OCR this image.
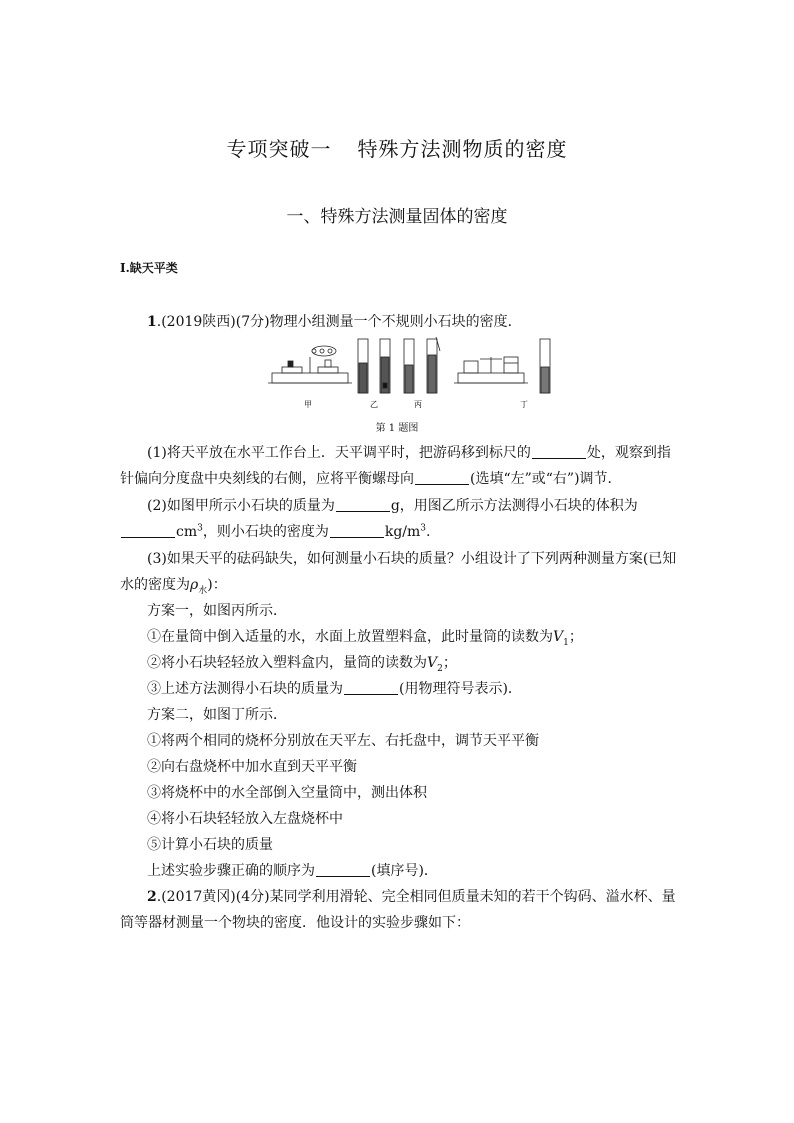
专项突破一 特殊方法测物质的密度
一、特殊方法测量固体的密度
Ⅰ.缺天平类
1.(2019陕西)(7分)物理小组测量一个不规则小石块的密度．
甲	乙	丙	丁
第 1 题图
(1)将天平放在水平工作台上．天平调平时，把游码移到标尺的	处，观察到指
针偏向分度盘中央刻线的右侧，应将平衡螺母向	(选填“左”或“右”)调节．
(2)如图甲所示小石块的质量为	g，用图乙所示方法测得小石块的体积为
$cm^3$，则小石块的密度为	$kg/m^3$.
(3)如果天平的砝码缺失，如何测量小石块的质量？小组设计了下列两种测量方案(已知
水的密度为$\rho_水$)：
方案一，如图丙所示．
①在量筒中倒入适量的水，水面上放置塑料盒，此时量筒的读数为$V_1$；
②将小石块轻轻放入塑料盒内，量筒的读数为$V_2$；
③上述方法测得小石块的质量为	(用物理符号表示)．
方案二，如图丁所示．
①将两个相同的烧杯分别放在天平左、右托盘中，调节天平平衡
②向右盘烧杯中加水直到天平平衡
③将烧杯中的水全部倒入空量筒中，测出体积
④将小石块轻轻放入左盘烧杯中
⑤计算小石块的质量
上述实验步骤正确的顺序为	(填序号)．
2.(2017黄冈)(4分)某同学利用滑轮、完全相同但质量未知的若干个钩码、溢水杯、量
筒等器材测量一个物块的密度．他设计的实验步骤如下：
